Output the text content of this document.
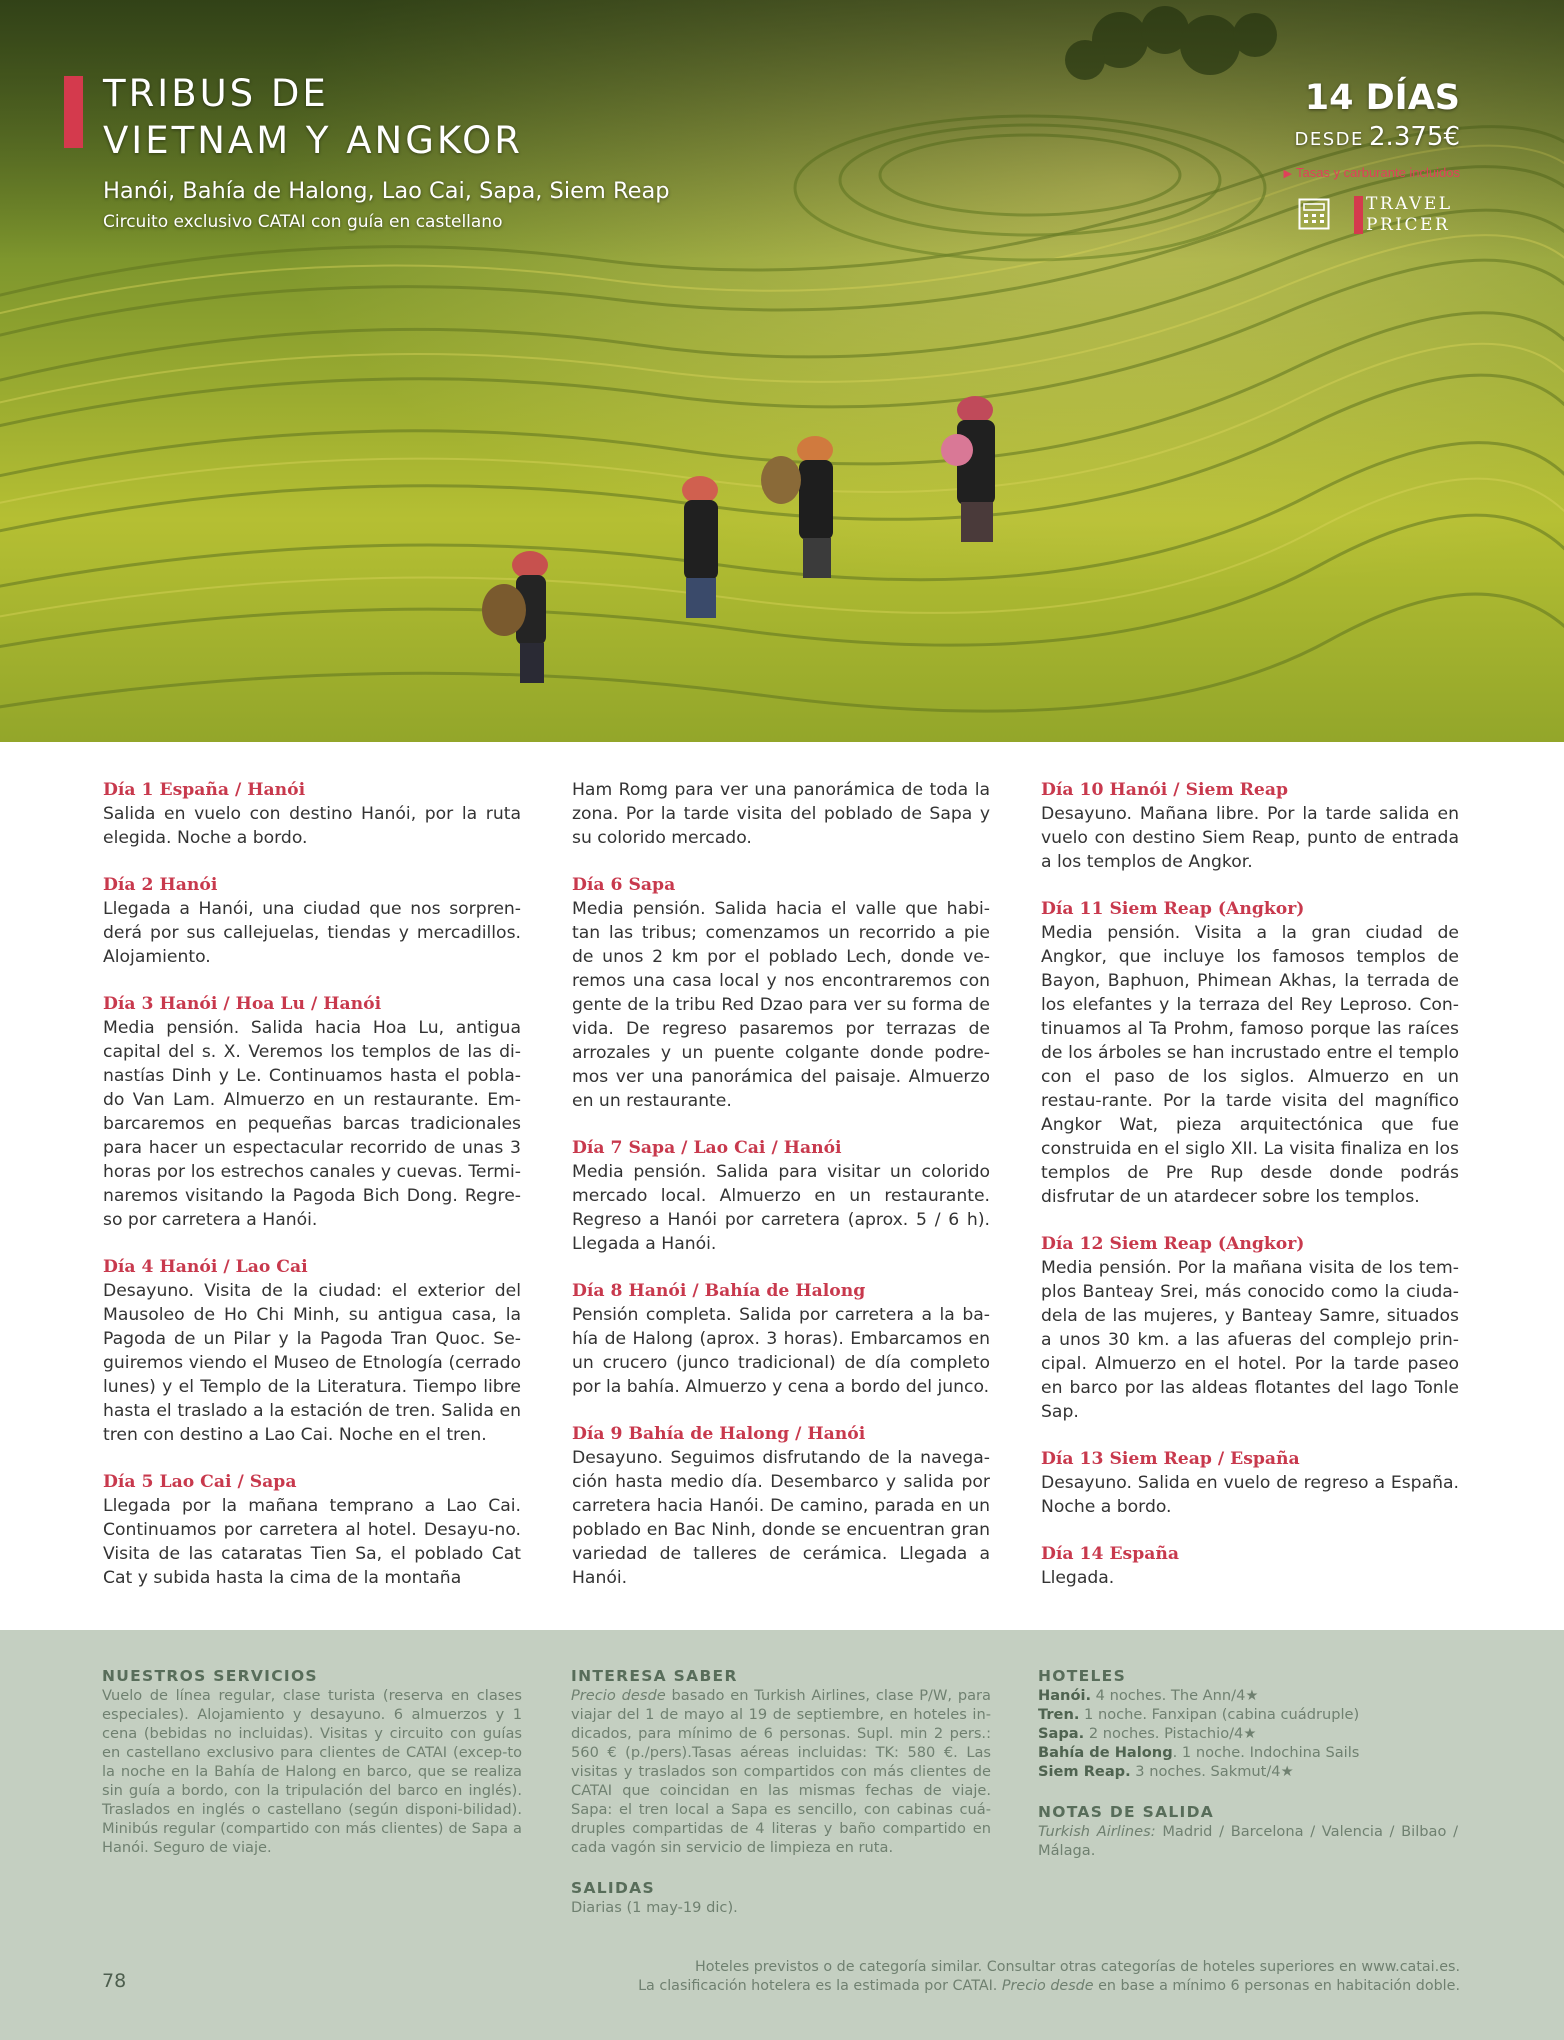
TRIBUS DE
VIETNAM Y ANGKOR
Hanói, Bahía de Halong, Lao Cai, Sapa, Siem Reap
Circuito exclusivo CATAI con guía en castellano
14 DÍAS
DESDE 2.375€
▶ Tasas y carburante incluidos
TRAVEL
PRICER
Día 1 España / Hanói

Salida en vuelo con destino Hanói, por la ruta elegida. Noche a bordo.

Día 2 Hanói

Llegada a Hanói, una ciudad que nos sorpren-derá por sus callejuelas, tiendas y mercadillos. Alojamiento.

Día 3 Hanói / Hoa Lu / Hanói

Media pensión. Salida hacia Hoa Lu, antigua capital del s. X. Veremos los templos de las di-nastías Dinh y Le. Continuamos hasta el pobla-do Van Lam. Almuerzo en un restaurante. Em-barcaremos en pequeñas barcas tradicionales para hacer un espectacular recorrido de unas 3 horas por los estrechos canales y cuevas. Termi-naremos visitando la Pagoda Bich Dong. Regre-so por carretera a Hanói.

Día 4 Hanói / Lao Cai

Desayuno. Visita de la ciudad: el exterior del Mausoleo de Ho Chi Minh, su antigua casa, la Pagoda de un Pilar y la Pagoda Tran Quoc. Se-guiremos viendo el Museo de Etnología (cerrado lunes) y el Templo de la Literatura. Tiempo libre hasta el traslado a la estación de tren. Salida en tren con destino a Lao Cai. Noche en el tren.

Día 5 Lao Cai / Sapa

Llegada por la mañana temprano a Lao Cai. Continuamos por carretera al hotel. Desayu-no. Visita de las cataratas Tien Sa, el poblado Cat Cat y subida hasta la cima de la montaña

Ham Romg para ver una panorámica de toda la zona. Por la tarde visita del poblado de Sapa y su colorido mercado.

Día 6 Sapa

Media pensión. Salida hacia el valle que habi-tan las tribus; comenzamos un recorrido a pie de unos 2 km por el poblado Lech, donde ve-remos una casa local y nos encontraremos con gente de la tribu Red Dzao para ver su forma de vida. De regreso pasaremos por terrazas de arrozales y un puente colgante donde podre-mos ver una panorámica del paisaje. Almuerzo en un restaurante.

Día 7 Sapa / Lao Cai / Hanói

Media pensión. Salida para visitar un colorido mercado local. Almuerzo en un restaurante. Regreso a Hanói por carretera (aprox. 5 / 6 h). Llegada a Hanói.

Día 8 Hanói / Bahía de Halong

Pensión completa. Salida por carretera a la ba-hía de Halong (aprox. 3 horas). Embarcamos en un crucero (junco tradicional) de día completo por la bahía. Almuerzo y cena a bordo del junco.

Día 9 Bahía de Halong / Hanói

Desayuno. Seguimos disfrutando de la navega-ción hasta medio día. Desembarco y salida por carretera hacia Hanói. De camino, parada en un poblado en Bac Ninh, donde se encuentran gran variedad de talleres de cerámica. Llegada a Hanói.

Día 10 Hanói / Siem Reap

Desayuno. Mañana libre. Por la tarde salida en vuelo con destino Siem Reap, punto de entrada a los templos de Angkor.

Día 11 Siem Reap (Angkor)

Media pensión. Visita a la gran ciudad de Angkor, que incluye los famosos templos de Bayon, Baphuon, Phimean Akhas, la terrada de los elefantes y la terraza del Rey Leproso. Con-tinuamos al Ta Prohm, famoso porque las raíces de los árboles se han incrustado entre el templo con el paso de los siglos. Almuerzo en un restau-rante. Por la tarde visita del magnífico Angkor Wat, pieza arquitectónica que fue construida en el siglo XII. La visita finaliza en los templos de Pre Rup desde donde podrás disfrutar de un atardecer sobre los templos.

Día 12 Siem Reap (Angkor)

Media pensión. Por la mañana visita de los tem-plos Banteay Srei, más conocido como la ciuda-dela de las mujeres, y Banteay Samre, situados a unos 30 km. a las afueras del complejo prin-cipal. Almuerzo en el hotel. Por la tarde paseo en barco por las aldeas flotantes del lago Tonle Sap.

Día 13 Siem Reap / España

Desayuno. Salida en vuelo de regreso a España. Noche a bordo.

Día 14 España

Llegada.

NUESTROS SERVICIOS

Vuelo de línea regular, clase turista (reserva en clases especiales). Alojamiento y desayuno. 6 almuerzos y 1 cena (bebidas no incluidas). Visitas y circuito con guías en castellano exclusivo para clientes de CATAI (excep-to la noche en la Bahía de Halong en barco, que se realiza sin guía a bordo, con la tripulación del barco en inglés). Traslados en inglés o castellano (según disponi-bilidad). Minibús regular (compartido con más clientes) de Sapa a Hanói. Seguro de viaje.

INTERESA SABER

Precio desde basado en Turkish Airlines, clase P/W, para viajar del 1 de mayo al 19 de septiembre, en hoteles in-dicados, para mínimo de 6 personas. Supl. min 2 pers.: 560 € (p./pers).Tasas aéreas incluidas: TK: 580 €. Las visitas y traslados son compartidos con más clientes de CATAI que coincidan en las mismas fechas de viaje. Sapa: el tren local a Sapa es sencillo, con cabinas cuá-druples compartidas de 4 literas y baño compartido en cada vagón sin servicio de limpieza en ruta.

SALIDAS

Diarias (1 may-19 dic).

HOTELES
Hanói. 4 noches. The Ann/4★
Tren. 1 noche. Fanxipan (cabina cuádruple)
Sapa. 2 noches. Pistachio/4★
Bahía de Halong. 1 noche. Indochina Sails
Siem Reap. 3 noches. Sakmut/4★
NOTAS DE SALIDA

Turkish Airlines: Madrid / Barcelona / Valencia / Bilbao / Málaga.

78
Hoteles previstos o de categoría similar. Consultar otras categorías de hoteles superiores en www.catai.es.
La clasificación hotelera es la estimada por CATAI. Precio desde en base a mínimo 6 personas en habitación doble.
